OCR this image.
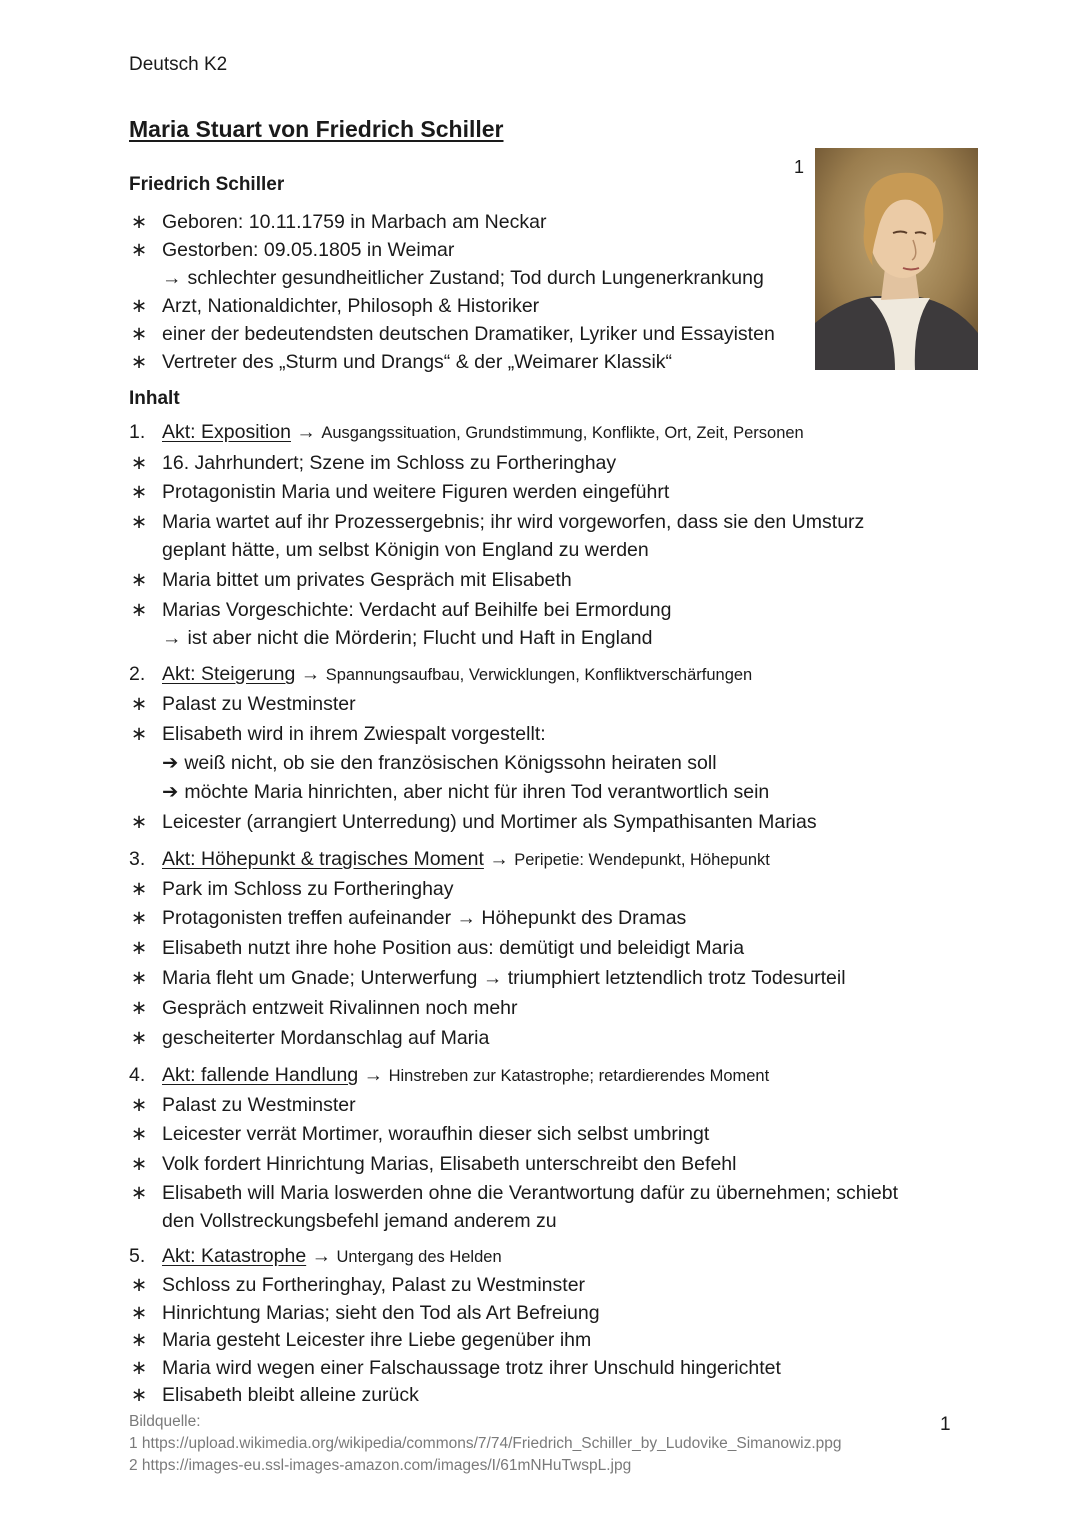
Deutsch K2
Maria Stuart von Friedrich Schiller
1
Friedrich Schiller
∗ Geboren: 10.11.1759 in Marbach am Neckar
∗ Gestorben: 09.05.1805 in Weimar
→ schlechter gesundheitlicher Zustand; Tod durch Lungenerkrankung
∗ Arzt, Nationaldichter, Philosoph & Historiker
∗ einer der bedeutendsten deutschen Dramatiker, Lyriker und Essayisten
∗ Vertreter des „Sturm und Drangs“ & der „Weimarer Klassik“
Inhalt
1. Akt: Exposition → Ausgangssituation, Grundstimmung, Konflikte, Ort, Zeit, Personen
∗ 16. Jahrhundert; Szene im Schloss zu Fortheringhay
∗ Protagonistin Maria und weitere Figuren werden eingeführt
∗ Maria wartet auf ihr Prozessergebnis; ihr wird vorgeworfen, dass sie den Umsturz
geplant hätte, um selbst Königin von England zu werden
∗ Maria bittet um privates Gespräch mit Elisabeth
∗ Marias Vorgeschichte: Verdacht auf Beihilfe bei Ermordung
→ ist aber nicht die Mörderin; Flucht und Haft in England
2. Akt: Steigerung → Spannungsaufbau, Verwicklungen, Konfliktverschärfungen
∗ Palast zu Westminster
∗ Elisabeth wird in ihrem Zwiespalt vorgestellt:
➔ weiß nicht, ob sie den französischen Königssohn heiraten soll
➔ möchte Maria hinrichten, aber nicht für ihren Tod verantwortlich sein
∗ Leicester (arrangiert Unterredung) und Mortimer als Sympathisanten Marias
3. Akt: Höhepunkt & tragisches Moment → Peripetie: Wendepunkt, Höhepunkt
∗ Park im Schloss zu Fortheringhay
∗ Protagonisten treffen aufeinander → Höhepunkt des Dramas
∗ Elisabeth nutzt ihre hohe Position aus: demütigt und beleidigt Maria
∗ Maria fleht um Gnade; Unterwerfung → triumphiert letztendlich trotz Todesurteil
∗ Gespräch entzweit Rivalinnen noch mehr
∗ gescheiterter Mordanschlag auf Maria
4. Akt: fallende Handlung → Hinstreben zur Katastrophe; retardierendes Moment
∗ Palast zu Westminster
∗ Leicester verrät Mortimer, woraufhin dieser sich selbst umbringt
∗ Volk fordert Hinrichtung Marias, Elisabeth unterschreibt den Befehl
∗ Elisabeth will Maria loswerden ohne die Verantwortung dafür zu übernehmen; schiebt
den Vollstreckungsbefehl jemand anderem zu
5. Akt: Katastrophe → Untergang des Helden
∗ Schloss zu Fortheringhay, Palast zu Westminster
∗ Hinrichtung Marias; sieht den Tod als Art Befreiung
∗ Maria gesteht Leicester ihre Liebe gegenüber ihm
∗ Maria wird wegen einer Falschaussage trotz ihrer Unschuld hingerichtet
∗ Elisabeth bleibt alleine zurück
Bildquelle:
1 https://upload.wikimedia.org/wikipedia/commons/7/74/Friedrich_Schiller_by_Ludovike_Simanowiz.ppg
2 https://images-eu.ssl-images-amazon.com/images/I/61mNHuTwspL.jpg
1
